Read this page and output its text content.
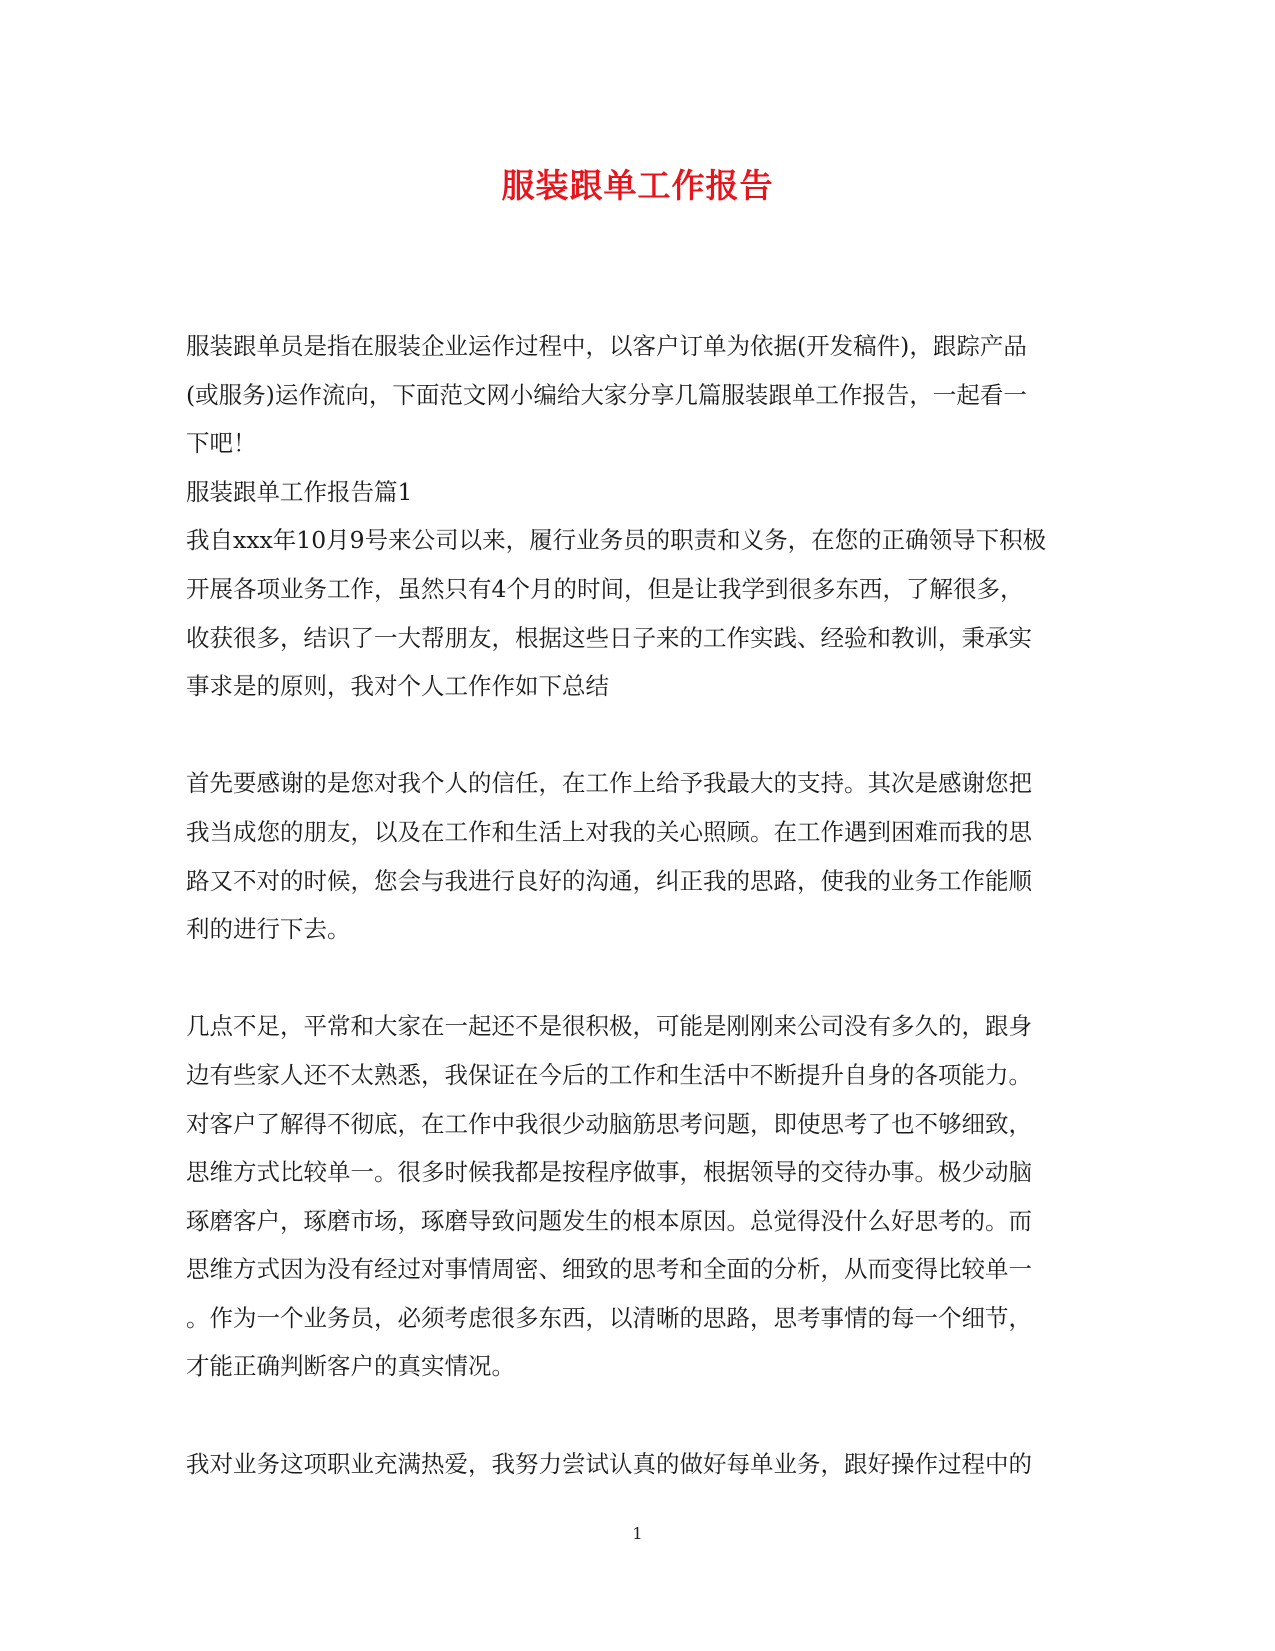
服装跟单工作报告
服装跟单员是指在服装企业运作过程中，以客户订单为依据(开发稿件)，跟踪产品
(或服务)运作流向，下面范文网小编给大家分享几篇服装跟单工作报告，一起看一
下吧！
服装跟单工作报告篇1
我自xxx年10月9号来公司以来，履行业务员的职责和义务，在您的正确领导下积极
开展各项业务工作，虽然只有4个月的时间，但是让我学到很多东西，了解很多，
收获很多，结识了一大帮朋友，根据这些日子来的工作实践、经验和教训，秉承实
事求是的原则，我对个人工作作如下总结
首先要感谢的是您对我个人的信任，在工作上给予我最大的支持。其次是感谢您把
我当成您的朋友，以及在工作和生活上对我的关心照顾。在工作遇到困难而我的思
路又不对的时候，您会与我进行良好的沟通，纠正我的思路，使我的业务工作能顺
利的进行下去。
几点不足，平常和大家在一起还不是很积极，可能是刚刚来公司没有多久的，跟身
边有些家人还不太熟悉，我保证在今后的工作和生活中不断提升自身的各项能力。
对客户了解得不彻底，在工作中我很少动脑筋思考问题，即使思考了也不够细致，
思维方式比较单一。很多时候我都是按程序做事，根据领导的交待办事。极少动脑
琢磨客户，琢磨市场，琢磨导致问题发生的根本原因。总觉得没什么好思考的。而
思维方式因为没有经过对事情周密、细致的思考和全面的分析，从而变得比较单一
。作为一个业务员，必须考虑很多东西，以清晰的思路，思考事情的每一个细节，
才能正确判断客户的真实情况。
我对业务这项职业充满热爱，我努力尝试认真的做好每单业务，跟好操作过程中的
1
